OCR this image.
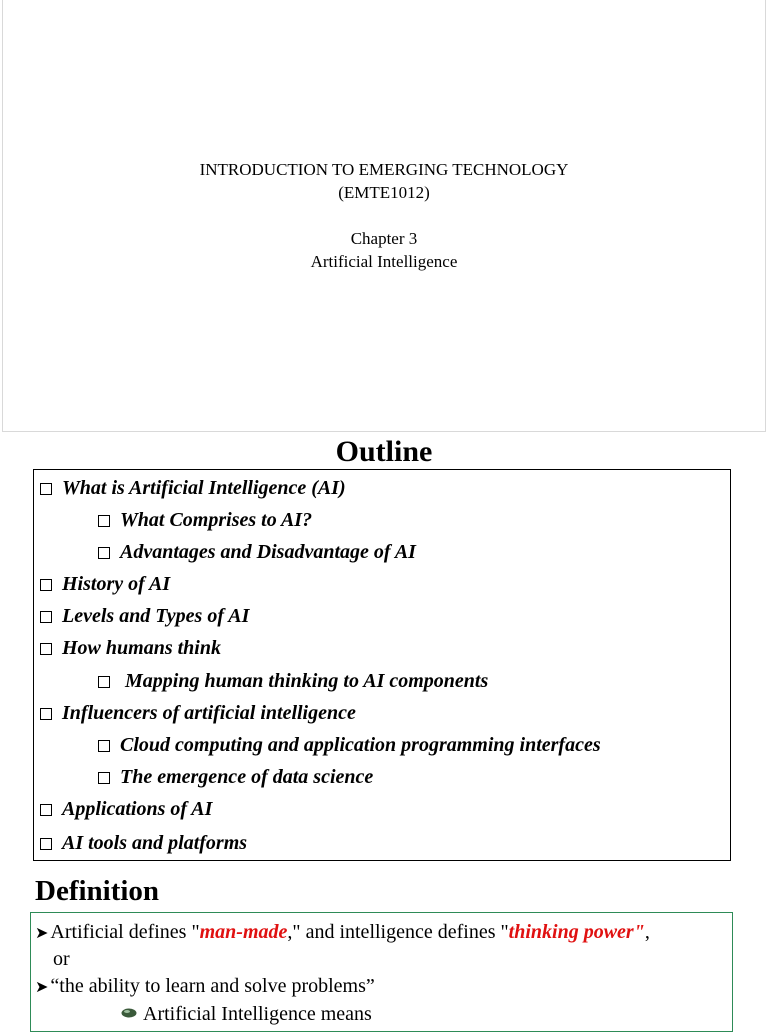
INTRODUCTION TO EMERGING TECHNOLOGY
(EMTE1012)
Chapter 3
Artificial Intelligence
Outline
What is Artificial Intelligence (AI)
What Comprises to AI?
Advantages and Disadvantage of AI
History of AI
Levels and Types of AI
How humans think
Mapping human thinking to AI components
Influencers of artificial intelligence
Cloud computing and application programming interfaces
The emergence of data science
Applications of AI
AI tools and platforms
Definition
➤ Artificial defines "man-made," and intelligence defines "thinking power",
or
➤ “the ability to learn and solve problems”
Artificial Intelligence means
